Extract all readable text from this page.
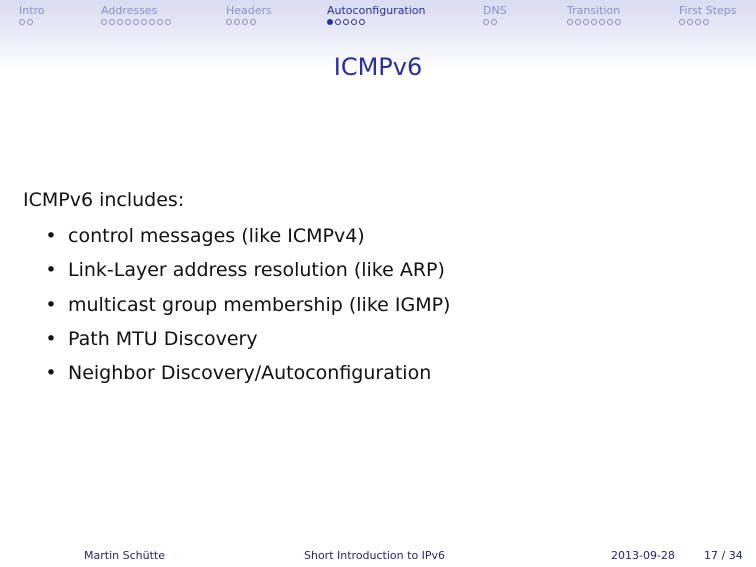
Intro	Addresses	Headers	Autoconfiguration	DNS	Transition	First Steps
ICMPv6
ICMPv6 includes:
• control messages (like ICMPv4)
• Link-Layer address resolution (like ARP)
• multicast group membership (like IGMP)
• Path MTU Discovery
• Neighbor Discovery/Autoconfiguration
Martin Schütte	Short Introduction to IPv6	2013-09-28	17 / 34
